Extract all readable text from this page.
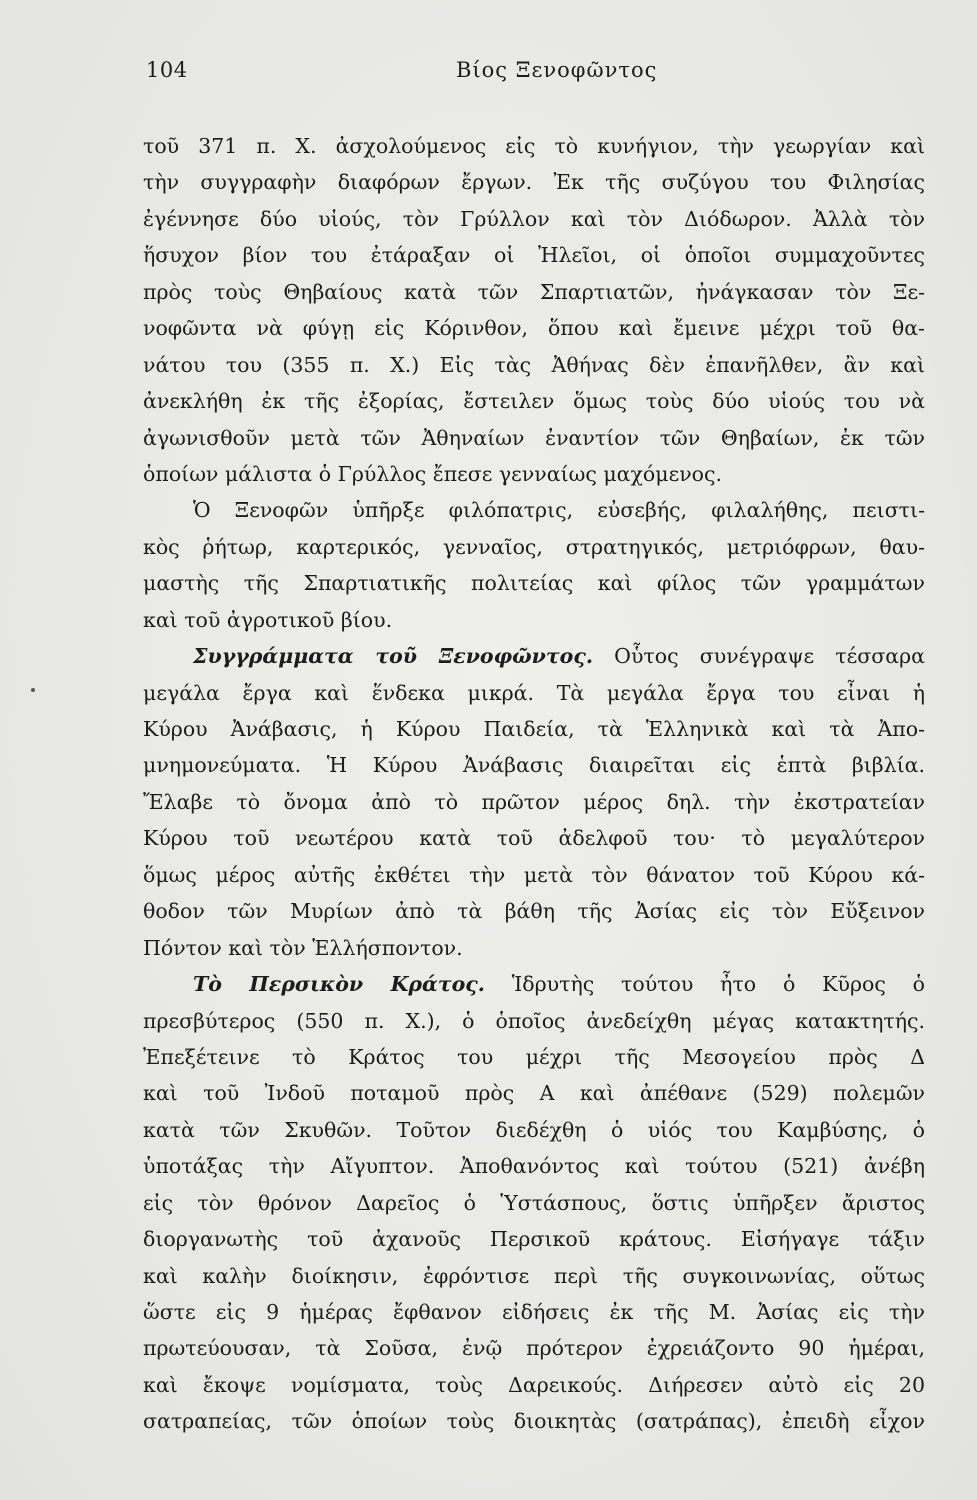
104	Βίος Ξενοφῶντος
τοῦ 371 π. Χ. ἀσχολούμενος εἰς τὸ κυνήγιον, τὴν γεωργίαν καὶ
τὴν συγγραφὴν διαφόρων ἔργων. Ἐκ τῆς συζύγου του Φιλησίας
ἐγέννησε δύο υἱούς, τὸν Γρύλλον καὶ τὸν Διόδωρον. Ἀλλὰ τὸν
ἥσυχον βίον του ἐτάραξαν οἱ Ἠλεῖοι, οἱ ὁποῖοι συμμαχοῦντες
πρὸς τοὺς Θηβαίους κατὰ τῶν Σπαρτιατῶν, ἠνάγκασαν τὸν Ξε-
νοφῶντα νὰ φύγῃ εἰς Κόρινθον, ὅπου καὶ ἔμεινε μέχρι τοῦ θα-
νάτου του (355 π. Χ.) Εἰς τὰς Ἀθήνας δὲν ἐπανῆλθεν, ἂν καὶ
ἀνεκλήθη ἐκ τῆς ἐξορίας, ἔστειλεν ὅμως τοὺς δύο υἱούς του νὰ
ἀγωνισθοῦν μετὰ τῶν Ἀθηναίων ἐναντίον τῶν Θηβαίων, ἐκ τῶν
ὁποίων μάλιστα ὁ Γρύλλος ἔπεσε γενναίως μαχόμενος.
Ὁ Ξενοφῶν ὑπῆρξε φιλόπατρις, εὐσεβής, φιλαλήθης, πειστι-
κὸς ῥήτωρ, καρτερικός, γενναῖος, στρατηγικός, μετριόφρων, θαυ-
μαστὴς τῆς Σπαρτιατικῆς πολιτείας καὶ φίλος τῶν γραμμάτων
καὶ τοῦ ἀγροτικοῦ βίου.
Συγγράμματα τοῦ Ξενοφῶντος. Οὗτος συνέγραψε τέσσαρα
μεγάλα ἔργα καὶ ἕνδεκα μικρά. Τὰ μεγάλα ἔργα του εἶναι ἡ
Κύρου Ἀνάβασις, ἡ Κύρου Παιδεία, τὰ Ἑλληνικὰ καὶ τὰ Ἀπο-
μνημονεύματα. Ἡ Κύρου Ἀνάβασις διαιρεῖται εἰς ἑπτὰ βιβλία.
Ἔλαβε τὸ ὄνομα ἀπὸ τὸ πρῶτον μέρος δηλ. τὴν ἐκστρατείαν
Κύρου τοῦ νεωτέρου κατὰ τοῦ ἀδελφοῦ του· τὸ μεγαλύτερον
ὅμως μέρος αὐτῆς ἐκθέτει τὴν μετὰ τὸν θάνατον τοῦ Κύρου κά-
θοδον τῶν Μυρίων ἀπὸ τὰ βάθη τῆς Ἀσίας εἰς τὸν Εὔξεινον
Πόντον καὶ τὸν Ἑλλήσποντον.
Τὸ Περσικὸν Κράτος. Ἱδρυτὴς τούτου ἦτο ὁ Κῦρος ὁ
πρεσβύτερος (550 π. Χ.), ὁ ὁποῖος ἀνεδείχθη μέγας κατακτητής.
Ἐπεξέτεινε τὸ Κράτος του μέχρι τῆς Μεσογείου πρὸς Δ
καὶ τοῦ Ἰνδοῦ ποταμοῦ πρὸς Α καὶ ἀπέθανε (529) πολεμῶν
κατὰ τῶν Σκυθῶν. Τοῦτον διεδέχθη ὁ υἱός του Καμβύσης, ὁ
ὑποτάξας τὴν Αἴγυπτον. Ἀποθανόντος καὶ τούτου (521) ἀνέβη
εἰς τὸν θρόνον Δαρεῖος ὁ Ὑστάσπους, ὅστις ὑπῆρξεν ἄριστος
διοργανωτὴς τοῦ ἀχανοῦς Περσικοῦ κράτους. Εἰσήγαγε τάξιν
καὶ καλὴν διοίκησιν, ἐφρόντισε περὶ τῆς συγκοινωνίας, οὕτως
ὥστε εἰς 9 ἡμέρας ἔφθανον εἰδήσεις ἐκ τῆς Μ. Ἀσίας εἰς τὴν
πρωτεύουσαν, τὰ Σοῦσα, ἐνῷ πρότερον ἐχρειάζοντο 90 ἡμέραι,
καὶ ἔκοψε νομίσματα, τοὺς Δαρεικούς. Διήρεσεν αὐτὸ εἰς 20
σατραπείας, τῶν ὁποίων τοὺς διοικητὰς (σατράπας), ἐπειδὴ εἶχον
